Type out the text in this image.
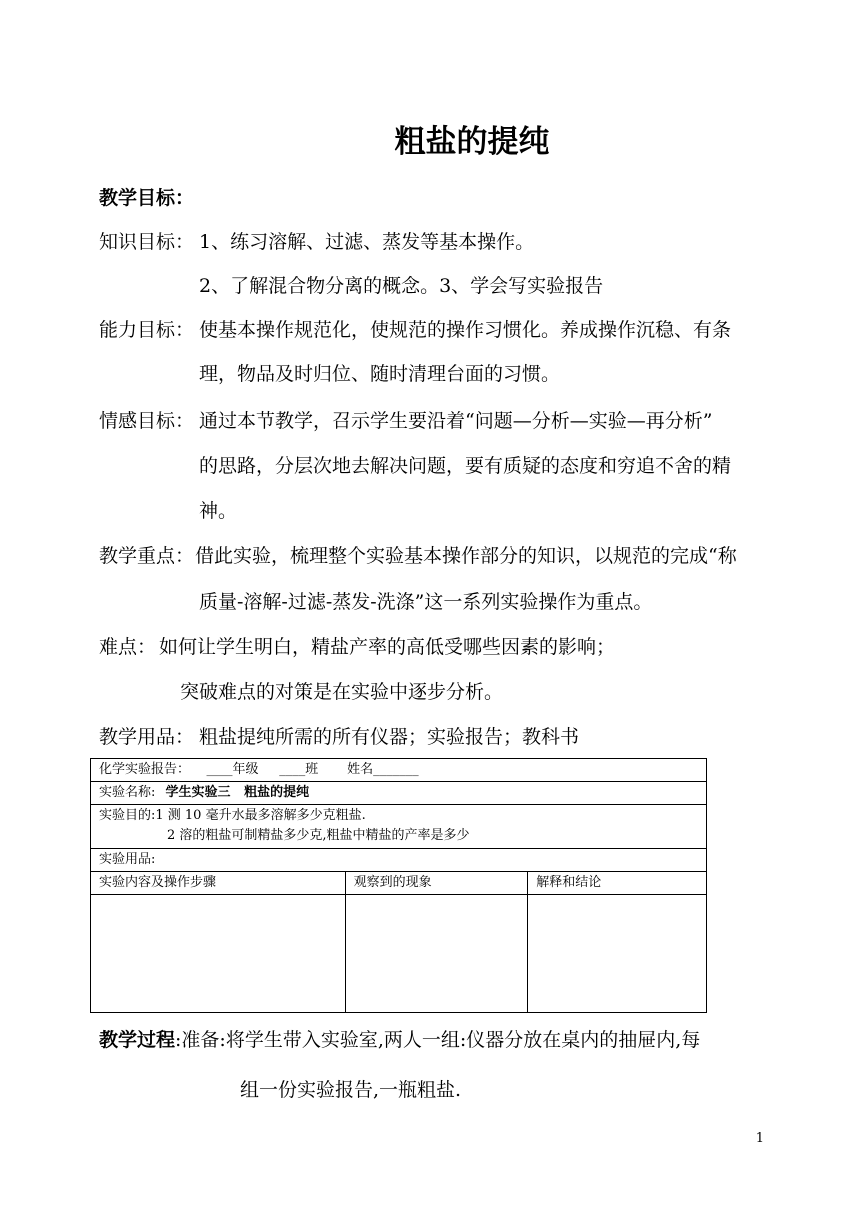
粗盐的提纯
教学目标：
知识目标： 1、练习溶解、过滤、蒸发等基本操作。
2、了解混合物分离的概念。3、学会写实验报告
能力目标： 使基本操作规范化，使规范的操作习惯化。养成操作沉稳、有条
理，物品及时归位、随时清理台面的习惯。
情感目标： 通过本节教学，召示学生要沿着“问题—分析—实验—再分析”
的思路，分层次地去解决问题，要有质疑的态度和穷追不舍的精
神。
教学重点： 借此实验，梳理整个实验基本操作部分的知识，以规范的完成“称
质量-溶解-过滤-蒸发-洗涤”这一系列实验操作为重点。
难点： 如何让学生明白，精盐产率的高低受哪些因素的影响；
突破难点的对策是在实验中逐步分析。
教学用品： 粗盐提纯所需的所有仪器；实验报告；教科书
化学实验报告：    ____年级     ____班       姓名_______		
实验名称: 学生实验三   粗盐的提纯		

实验目的:1 测 10 毫升水最多溶解多少克粗盐.
2 溶的粗盐可制精盐多少克,粗盐中精盐的产率是多少		

实验用品:		
实验内容及操作步骤	观察到的现象	解释和结论

教学过程:准备:将学生带入实验室,两人一组:仪器分放在桌内的抽屉内,每
组一份实验报告,一瓶粗盐.
1
